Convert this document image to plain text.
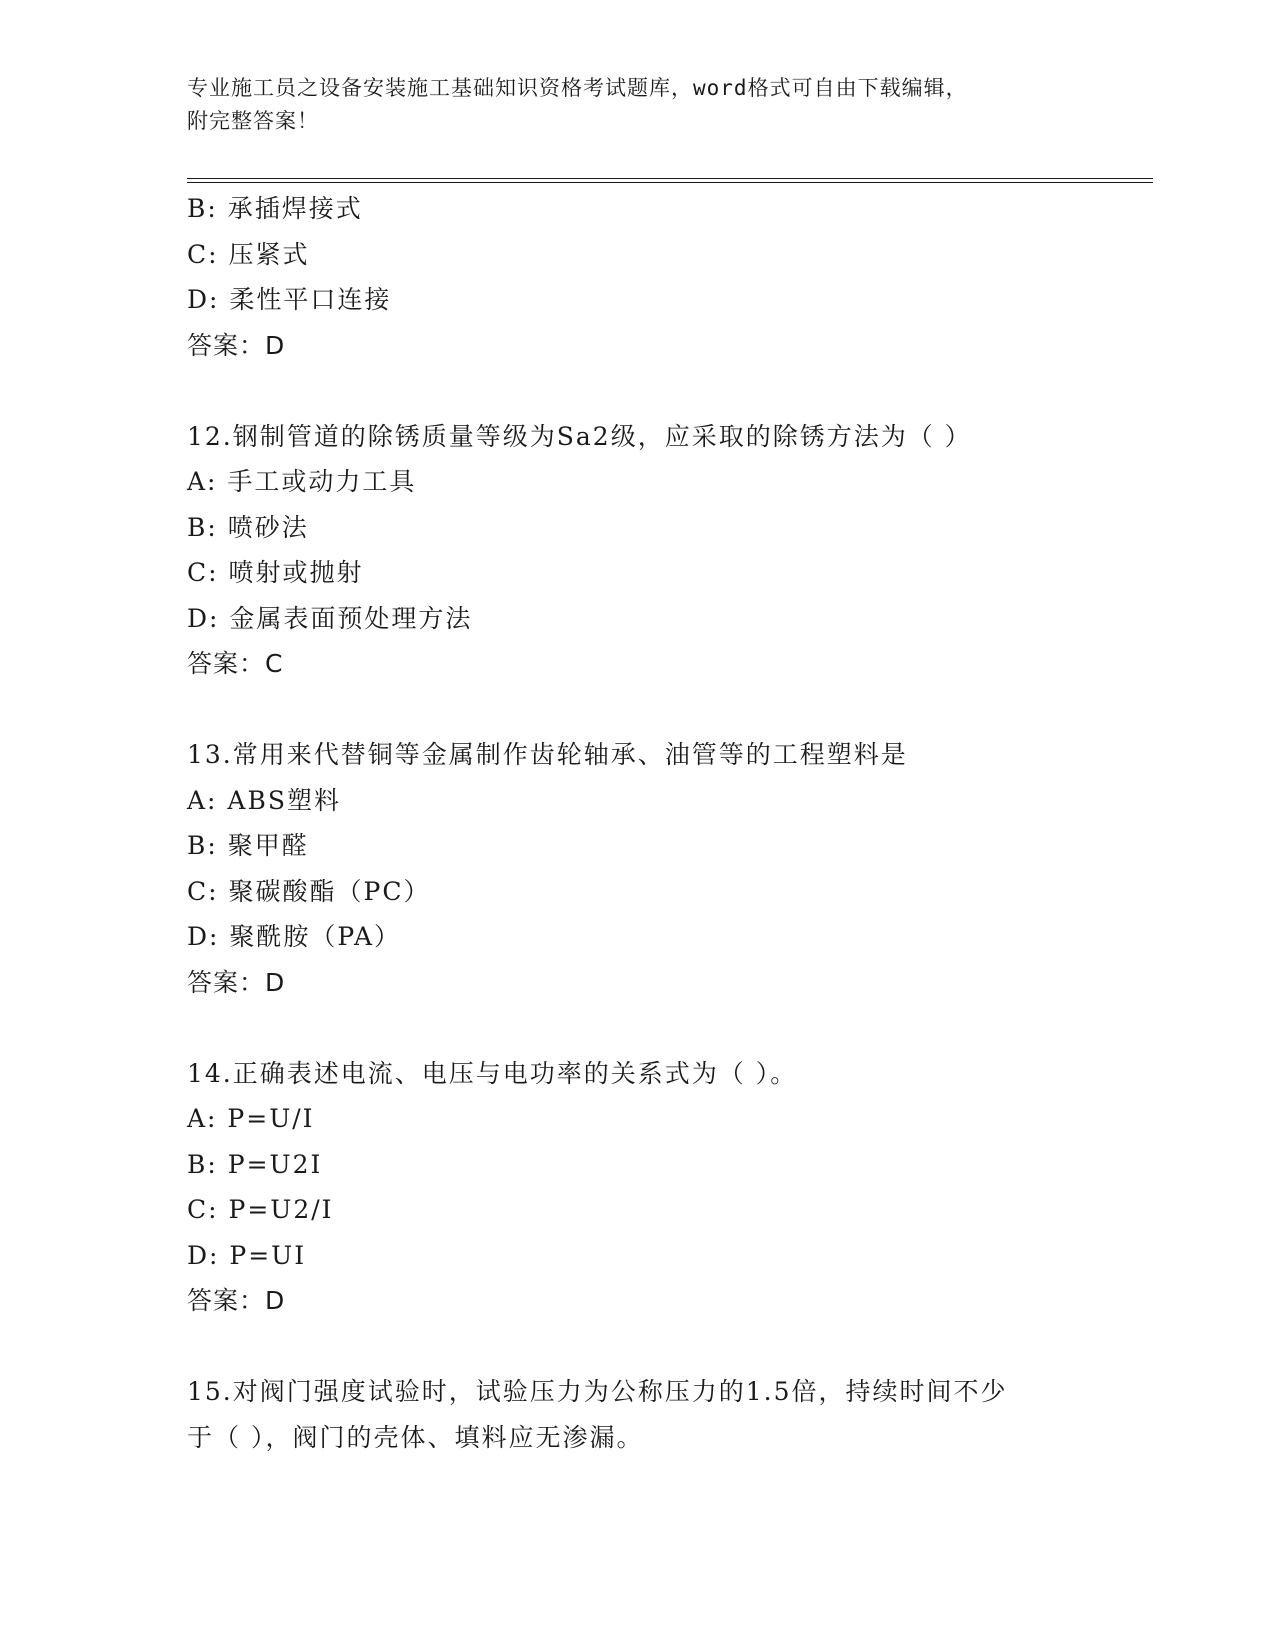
专业施工员之设备安装施工基础知识资格考试题库，word格式可自由下载编辑，
附完整答案！
B: 承插焊接式
C: 压紧式
D: 柔性平口连接
答案：D
12.钢制管道的除锈质量等级为Sa2级，应采取的除锈方法为（ ）
A: 手工或动力工具
B: 喷砂法
C: 喷射或抛射
D: 金属表面预处理方法
答案：C
13.常用来代替铜等金属制作齿轮轴承、油管等的工程塑料是
A: ABS塑料
B: 聚甲醛
C: 聚碳酸酯（PC）
D: 聚酰胺（PA）
答案：D
14.正确表述电流、电压与电功率的关系式为（ ）。
A: P=U/I
B: P=U2I
C: P=U2/I
D: P=UI
答案：D
15.对阀门强度试验时，试验压力为公称压力的1.5倍，持续时间不少
于（ ），阀门的壳体、填料应无渗漏。
